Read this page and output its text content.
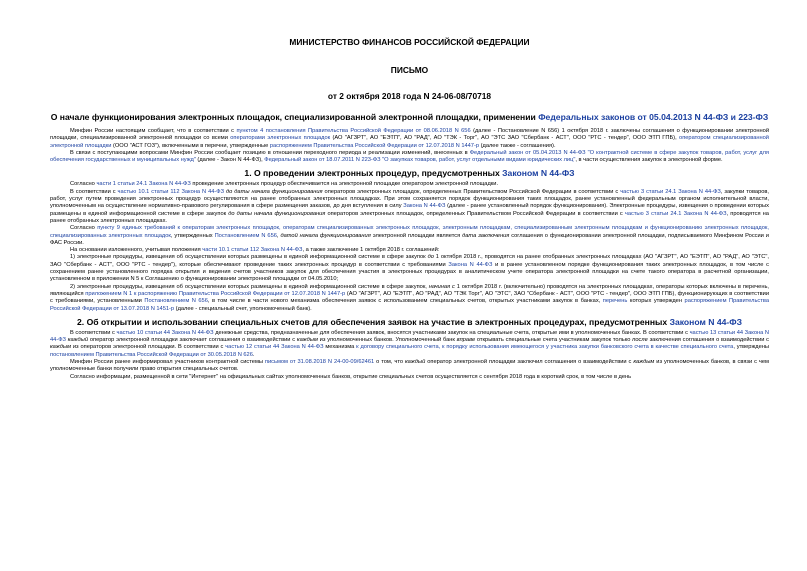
МИНИСТЕРСТВО ФИНАНСОВ РОССИЙСКОЙ ФЕДЕРАЦИИ
ПИСЬМО
от 2 октября 2018 года N 24-06-08/70718
О начале функционирования электронных площадок, специализированной электронной площадки, применении Федеральных законов от 05.04.2013 N 44-ФЗ и 223-ФЗ

Минфин России настоящим сообщает, что в соответствии с пунктом 4 постановления Правительства Российской Федерации от 08.06.2018 N 656 (далее - Постановление N 656) 1 октября 2018 г. заключены соглашения о функционировании электронной площадки, специализированной электронной площадки со всеми операторами электронных площадок (АО "АГЗРТ", АО "ЕЭТП", АО "РАД", АО "ТЭК - Торг", АО "ЭТС ЗАО "Сбербанк - АСТ", ООО "РТС - тендер", ООО ЭТП ГПБ), оператором специализированной электронной площадки (ООО "АСТ ГОЗ"), включенными в перечни, утвержденные распоряжением Правительства Российской Федерации от 12.07.2018 N 1447-р (далее также - соглашения).

В связи с поступающими вопросами Минфин России сообщает позицию в отношении переходного периода и реализации изменений, внесенных в Федеральный закон от 05.04.2013 N 44-ФЗ "О контрактной системе в сфере закупок товаров, работ, услуг для обеспечения государственных и муниципальных нужд" (далее - Закон N 44-ФЗ), Федеральный закон от 18.07.2011 N 223-ФЗ "О закупках товаров, работ, услуг отдельными видами юридических лиц", в части осуществления закупок в электронной форме.

1. О проведении электронных процедур, предусмотренных Законом N 44-ФЗ

Согласно части 1 статьи 24.1 Закона N 44-ФЗ проведение электронных процедур обеспечивается на электронной площадке оператором электронной площадки.

В соответствии с частью 10.1 статьи 112 Закона N 44-ФЗ до даты начала функционирования операторов электронных площадок, определенных Правительством Российской Федерации в соответствии с частью 3 статьи 24.1 Закона N 44-ФЗ, закупки товаров, работ, услуг путем проведения электронных процедур осуществляются на ранее отобранных электронных площадках. При этом сохраняется порядок функционирования таких площадок, ранее установленный федеральным органом исполнительной власти, уполномоченным на осуществление нормативно-правового регулирования в сфере размещения заказов, до дня вступления в силу Закона N 44-ФЗ (далее - ранее установленный порядок функционирования). Электронные процедуры, извещения о проведении которых размещены в единой информационной системе в сфере закупок до даты начала функционирования операторов электронных площадок, определенных Правительством Российской Федерации в соответствии с частью 3 статьи 24.1 Закона N 44-ФЗ, проводятся на ранее отобранных электронных площадках.

Согласно пункту 9 единых требований к операторам электронных площадок, операторам специализированных электронных площадок, электронным площадкам, специализированным электронным площадкам и функционированию электронных площадок, специализированных электронных площадок, утвержденных Постановлением N 656, датой начала функционирования электронной площадки является дата заключения соглашения о функционировании электронной площадки, подписываемого Минфином России и ФАС России.

На основании изложенного, учитывая положения части 10.1 статьи 112 Закона N 44-ФЗ, а также заключение 1 октября 2018 г. соглашений:

1) электронные процедуры, извещения об осуществлении которых размещены в единой информационной системе в сфере закупок до 1 октября 2018 г., проводятся на ранее отобранных электронных площадках (АО "АГЗРТ", АО "ЕЭТП", АО "РАД", АО "ЭТС", ЗАО "Сбербанк - АСТ", ООО "РТС - тендер"), которые обеспечивают проведение таких электронных процедур в соответствии с требованиями Закона N 44-ФЗ и в ранее установленном порядке функционирования таких электронных площадок, в том числе с сохранением ранее установленного порядка открытия и ведения счетов участников закупок для обеспечения участия в электронных процедурах в аналитическом учете оператора электронной площадки на счете такого оператора в расчетной организации, установленном в приложении N 5 к Соглашению о функционировании электронной площадки от 04.05.2010;

2) электронные процедуры, извещения об осуществлении которых размещены в единой информационной системе в сфере закупок, начиная с 1 октября 2018 г. (включительно) проводятся на электронных площадках, операторы которых включены в перечень, являющийся приложением N 1 к распоряжению Правительства Российской Федерации от 12.07.2018 N 1447-р (АО "АГЗРТ", АО "ЕЭТП", АО "РАД", АО "ТЭК Торг", АО "ЭТС", ЗАО "Сбербанк - АСТ", ООО "РТС - тендер", ООО ЭТП ГПБ), функционирующих в соответствии с требованиями, установленными Постановлением N 656, в том числе в части нового механизма обеспечения заявок с использованием специальных счетов, открытых участниками закупок в банках, перечень которых утвержден распоряжением Правительства Российской Федерации от 13.07.2018 N 1451-р (далее - специальный счет, уполномоченный банк).

2. Об открытии и использовании специальных счетов для обеспечения заявок на участие в электронных процедурах, предусмотренных Законом N 44-ФЗ

В соответствии с частью 10 статьи 44 Закона N 44-ФЗ денежные средства, предназначенные для обеспечения заявок, вносятся участниками закупок на специальные счета, открытые ими в уполномоченных банках. В соответствии с частью 13 статьи 44 Закона N 44-ФЗ каждый оператор электронной площадки заключает соглашения о взаимодействии с каждым из уполномоченных банков. Уполномоченный банк вправе открывать специальные счета участникам закупок только после заключения соглашения о взаимодействии с каждым из операторов электронной площадки. В соответствии с частью 12 статьи 44 Закона N 44-ФЗ механизма к договору специального счета, к порядку использования имеющегося у участника закупки банковского счета в качестве специального счета, утверждены постановлением Правительства Российской Федерации от 30.05.2018 N 626.

Минфин России ранее информировал участников контрактной системы письмом от 31.08.2018 N 24-00-09/62461 о том, что каждый оператор электронной площадки заключил соглашения о взаимодействии с каждым из уполномоченных банков, в связи с чем уполномоченные банки получили право открытия специальных счетов.

Согласно информации, размещенной в сети "Интернет" на официальных сайтах уполномоченных банков, открытие специальных счетов осуществляется с сентября 2018 года в короткий срок, в том числе в день
